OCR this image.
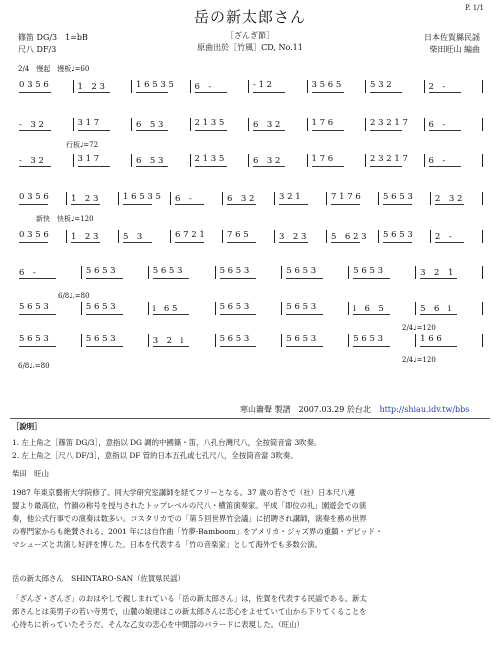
P. 1/1
岳の新太郎さん
［ざんぎ節］
原曲出於［竹風］CD, No.11
篠笛 DG/3　1=bB
尺八 DF/3
日本佐賀縣民謡
柴田旺山 編曲
2/4　慢起　慢板♩=60
行板♩=72
新快　快板♩=120
6/8♩.=80
2/4♩=120
6/8♩.=80
2/4♩=120
0 3 5 6	1　2 3	1 6 5 3 5 6　-	- 1 2	3 5 6 5	5 3 2	2　-
-　3 2	3 1 7	6　5 3	2 1 3 5	6　3 2	1 7 6	2 3 2 1 7 6　-
-　3 2	3 1 7	6　5 3	2 1 3 5	6　3 2	1 7 6	2 3 2 1 7 6　-
0 3 5 6	1　2 3	1 6 5 3 5 6　-	6　3 2	3 2 1	7 1 7 6	5 6 5 3	2　3 2
0 3 5 6	1　2 3	5　3	6 7 2 1	7 6 5	3　2 3	5　6 2 3 5 6 5 3	2　-
6　-	5 6 5 3	5 6 5 3	5 6 5 3	5 6 5 3	5 6 5 3	3　2　1
5 6 5 3	5 6 5 3	i　6 5	5 6 5 3	5 6 5 3	i　6　5	5　6　i
5 6 5 3	5 6 5 3	3　2　i	5 6 5 3	5 6 5 3	5 6 5 3	1 6 6
寒山簫聲 製譜　2007.03.29 於台北 http://shiau.idv.tw/bbs
［說明］
1. 左上角之［篠笛 DG/3］，意指以 DG 調的中國篠・笛，八孔台灣尺八，全按筒音當 3吹奏。
2. 左上角之［尺八 DF/3］，意指以 DF 管的日本五孔或七孔尺八，全按筒音當 3吹奏。
柴田　旺山
1987 年東京藝術大学院修了。同大学研究室講師を経てフリーとなる。37 歳の若さで（社）日本尺八連
盟より最高位，竹韻の称号を授与されたトップレベルの尺八・横笛演奏家。平成「即位の礼」園遊会での演
奏，他公式行事での演奏は数多い。コスタリカでの「第５回世界竹会議」に招聘され講師，演奏を務め世界
の専門家からも絶賛される。2001 年には自作曲「竹夢-Bamboom」をアメリカ・ジャズ界の重鎮・デビッド・
マシューズと共演し好評を博した。日本を代表する「竹の音楽家」として海外でも多数公演。
岳の新太郎さん　SHINTARO-SAN（佐賀県民謡）
「ざんざ・ざんざ」のおはやしで親しまれている「岳の新太郎さん」は，佐賀を代表する民謡である。新太
郎さんとは美男子の若い寺男で，山麓の娘達はこの新太郎さんに恋心をよせていて山から下りてくることを
心待ちに祈っていたそうだ。そんな乙女の恋心を中間部のバラードに表現した。（旺山）
